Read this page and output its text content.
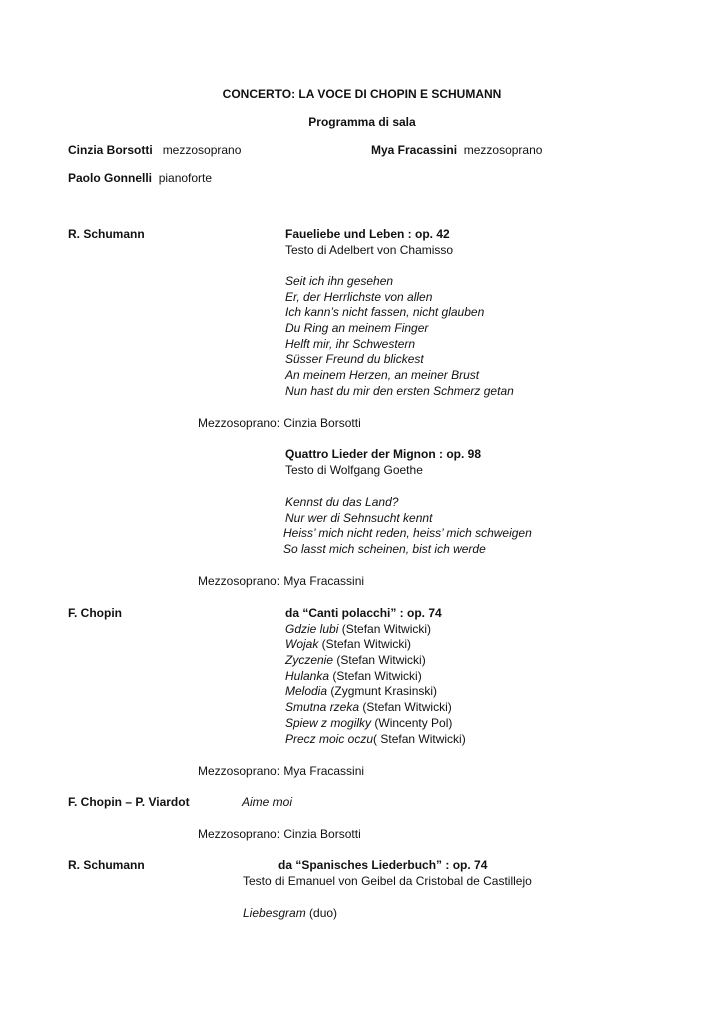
CONCERTO: LA VOCE DI CHOPIN E SCHUMANN
Programma di sala
Cinzia Borsotti mezzosoprano	Mya Fracassini mezzosoprano
Paolo Gonnelli pianoforte
R. Schumann	Faueliebe und Leben : op. 42
Testo di Adelbert von Chamisso
Seit ich ihn gesehen
Er, der Herrlichste von allen
Ich kann’s nicht fassen, nicht glauben
Du Ring an meinem Finger
Helft mir, ihr Schwestern
Süsser Freund du blickest
An meinem Herzen, an meiner Brust
Nun hast du mir den ersten Schmerz getan
Mezzosoprano: Cinzia Borsotti
Quattro Lieder der Mignon : op. 98
Testo di Wolfgang Goethe
Kennst du das Land?
Nur wer di Sehnsucht kennt
Heiss’ mich nicht reden, heiss’ mich schweigen
So lasst mich scheinen, bist ich werde
Mezzosoprano: Mya Fracassini
F. Chopin	da “Canti polacchi” : op. 74
Gdzie lubi (Stefan Witwicki)
Wojak (Stefan Witwicki)
Zyczenie (Stefan Witwicki)
Hulanka (Stefan Witwicki)
Melodia (Zygmunt Krasinski)
Smutna rzeka (Stefan Witwicki)
Spiew z mogilky (Wincenty Pol)
Precz moic oczu( Stefan Witwicki)
Mezzosoprano: Mya Fracassini
F. Chopin – P. Viardot	Aime moi
Mezzosoprano: Cinzia Borsotti
R. Schumann	da “Spanisches Liederbuch” : op. 74
Testo di Emanuel von Geibel da Cristobal de Castillejo
Liebesgram (duo)
